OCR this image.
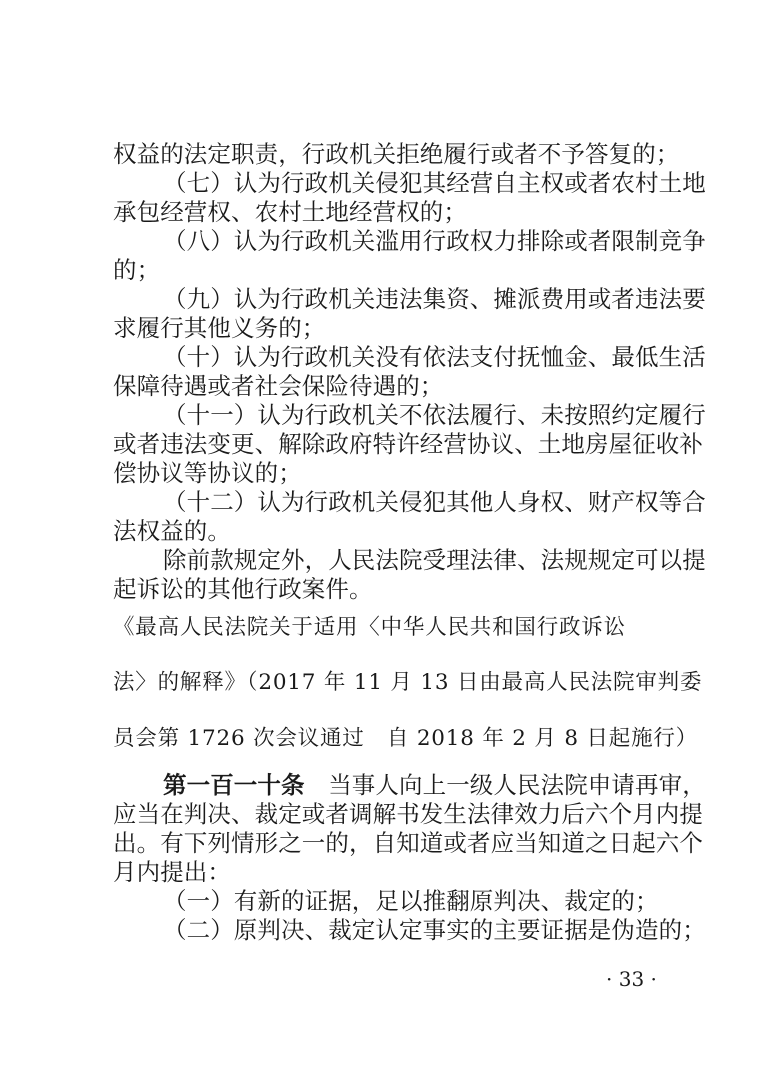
权益的法定职责，行政机关拒绝履行或者不予答复的；
（七）认为行政机关侵犯其经营自主权或者农村土地
承包经营权、农村土地经营权的；
（八）认为行政机关滥用行政权力排除或者限制竞争
的；
（九）认为行政机关违法集资、摊派费用或者违法要
求履行其他义务的；
（十）认为行政机关没有依法支付抚恤金、最低生活
保障待遇或者社会保险待遇的；
（十一）认为行政机关不依法履行、未按照约定履行
或者违法变更、解除政府特许经营协议、土地房屋征收补
偿协议等协议的；
（十二）认为行政机关侵犯其他人身权、财产权等合
法权益的。
除前款规定外，人民法院受理法律、法规规定可以提
起诉讼的其他行政案件。
《最高人民法院关于适用〈中华人民共和国行政诉讼
法〉的解释》（2017 年 11 月 13 日由最高人民法院审判委
员会第 1726 次会议通过　自 2018 年 2 月 8 日起施行）
第一百一十条　当事人向上一级人民法院申请再审，
应当在判决、裁定或者调解书发生法律效力后六个月内提
出。有下列情形之一的，自知道或者应当知道之日起六个
月内提出：
（一）有新的证据，足以推翻原判决、裁定的；
（二）原判决、裁定认定事实的主要证据是伪造的；
· 33 ·
